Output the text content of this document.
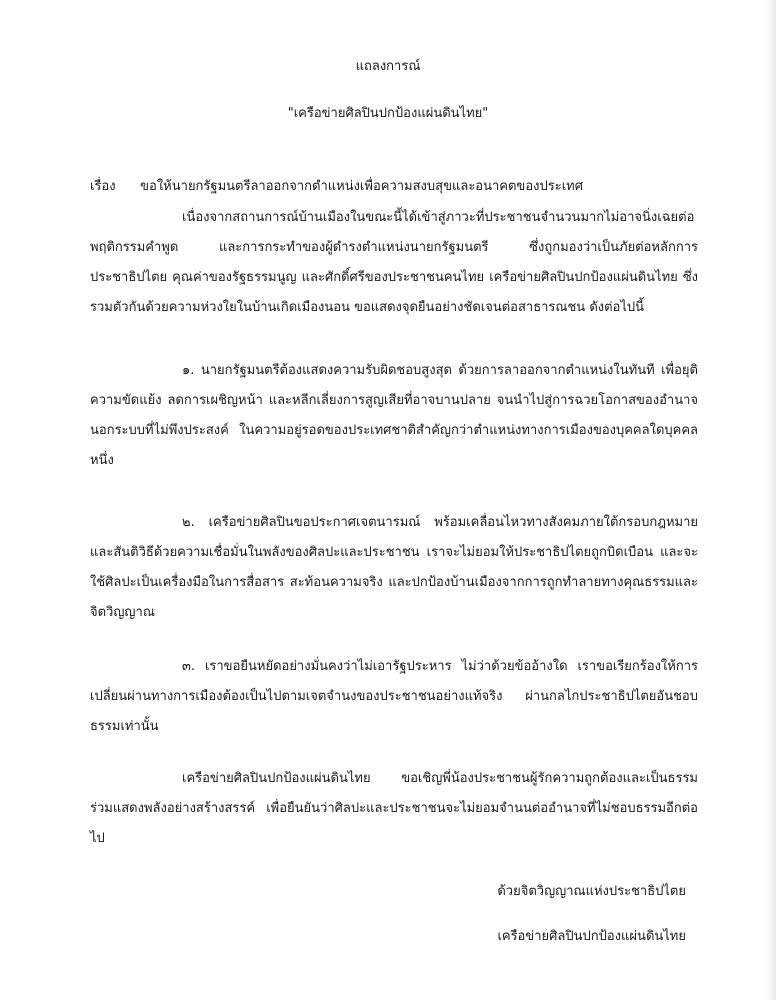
แถลงการณ์
"เครือข่ายศิลปินปกป้องแผ่นดินไทย"
เรื่อง ขอให้นายกรัฐมนตรีลาออกจากตำแหน่งเพื่อความสงบสุขและอนาคตของประเทศ
เนื่องจากสถานการณ์บ้านเมืองในขณะนี้ได้เข้าสู่ภาวะที่ประชาชนจำนวนมากไม่อาจนิ่งเฉยต่อพฤติกรรมคำพูด และการกระทำของผู้ดำรงตำแหน่งนายกรัฐมนตรี ซึ่งถูกมองว่าเป็นภัยต่อหลักการประชาธิปไตย คุณค่าของรัฐธรรมนูญ และศักดิ์ศรีของประชาชนคนไทย เครือข่ายศิลปินปกป้องแผ่นดินไทย ซึ่งรวมตัวกันด้วยความห่วงใยในบ้านเกิดเมืองนอน ขอแสดงจุดยืนอย่างชัดเจนต่อสาธารณชน ดังต่อไปนี้
๑. นายกรัฐมนตรีต้องแสดงความรับผิดชอบสูงสุด ด้วยการลาออกจากตำแหน่งในทันที เพื่อยุติความขัดแย้ง ลดการเผชิญหน้า และหลีกเลี่ยงการสูญเสียที่อาจบานปลาย จนนำไปสู่การฉวยโอกาสของอำนาจนอกระบบที่ไม่พึงประสงค์ ในความอยู่รอดของประเทศชาติสำคัญกว่าตำแหน่งทางการเมืองของบุคคลใดบุคคลหนึ่ง
๒. เครือข่ายศิลปินขอประกาศเจตนารมณ์ พร้อมเคลื่อนไหวทางสังคมภายใต้กรอบกฎหมายและสันติวิธีด้วยความเชื่อมั่นในพลังของศิลปะและประชาชน เราจะไม่ยอมให้ประชาธิปไตยถูกบิดเบือน และจะใช้ศิลปะเป็นเครื่องมือในการสื่อสาร สะท้อนความจริง และปกป้องบ้านเมืองจากการถูกทำลายทางคุณธรรมและจิตวิญญาณ
๓. เราขอยืนหยัดอย่างมั่นคงว่าไม่เอารัฐประหาร ไม่ว่าด้วยข้ออ้างใด เราขอเรียกร้องให้การเปลี่ยนผ่านทางการเมืองต้องเป็นไปตามเจตจำนงของประชาชนอย่างแท้จริง ผ่านกลไกประชาธิปไตยอันชอบธรรมเท่านั้น
เครือข่ายศิลปินปกป้องแผ่นดินไทย ขอเชิญพี่น้องประชาชนผู้รักความถูกต้องและเป็นธรรม ร่วมแสดงพลังอย่างสร้างสรรค์ เพื่อยืนยันว่าศิลปะและประชาชนจะไม่ยอมจำนนต่ออำนาจที่ไม่ชอบธรรมอีกต่อไป
ด้วยจิตวิญญาณแห่งประชาธิปไตย
เครือข่ายศิลปินปกป้องแผ่นดินไทย
